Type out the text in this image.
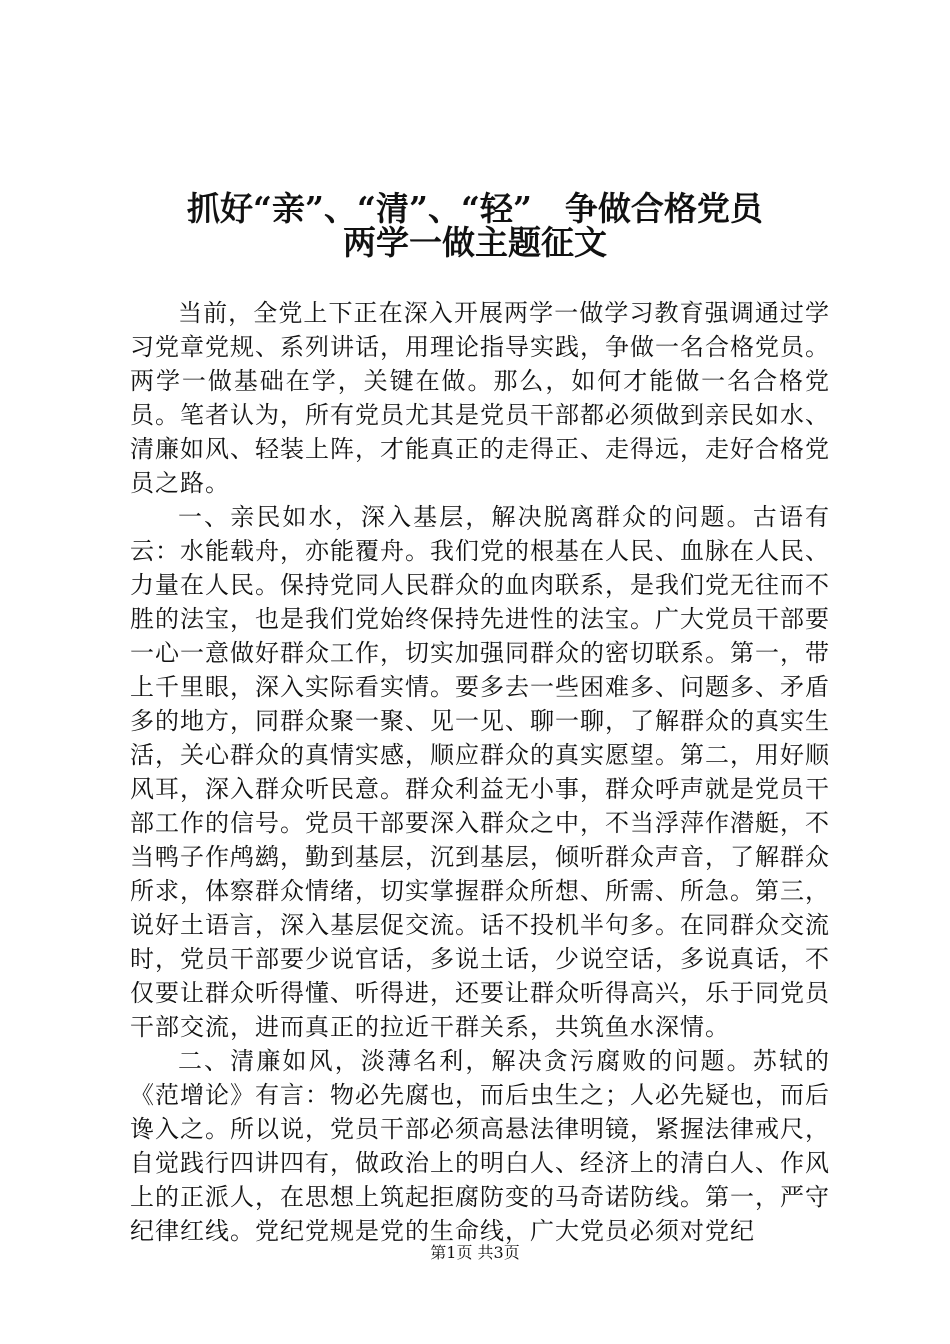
抓好“亲”、“清”、“轻”　争做合格党员
两学一做主题征文

当前，全党上下正在深入开展两学一做学习教育强调通过学习党章党规、系列讲话，用理论指导实践，争做一名合格党员。两学一做基础在学，关键在做。那么，如何才能做一名合格党员。笔者认为，所有党员尤其是党员干部都必须做到亲民如水、清廉如风、轻装上阵，才能真正的走得正、走得远，走好合格党员之路。

一、亲民如水，深入基层，解决脱离群众的问题。古语有云：水能载舟，亦能覆舟。我们党的根基在人民、血脉在人民、力量在人民。保持党同人民群众的血肉联系，是我们党无往而不胜的法宝，也是我们党始终保持先进性的法宝。广大党员干部要一心一意做好群众工作，切实加强同群众的密切联系。第一，带上千里眼，深入实际看实情。要多去一些困难多、问题多、矛盾多的地方，同群众聚一聚、见一见、聊一聊，了解群众的真实生活，关心群众的真情实感，顺应群众的真实愿望。第二，用好顺风耳，深入群众听民意。群众利益无小事，群众呼声就是党员干部工作的信号。党员干部要深入群众之中，不当浮萍作潜艇，不当鸭子作鸬鹚，勤到基层，沉到基层，倾听群众声音，了解群众所求，体察群众情绪，切实掌握群众所想、所需、所急。第三，说好土语言，深入基层促交流。话不投机半句多。在同群众交流时，党员干部要少说官话，多说土话，少说空话，多说真话，不仅要让群众听得懂、听得进，还要让群众听得高兴，乐于同党员干部交流，进而真正的拉近干群关系，共筑鱼水深情。

二、清廉如风，淡薄名利，解决贪污腐败的问题。苏轼的《范增论》有言：物必先腐也，而后虫生之；人必先疑也，而后谗入之。所以说，党员干部必须高悬法律明镜，紧握法律戒尺，自觉践行四讲四有，做政治上的明白人、经济上的清白人、作风上的正派人，在思想上筑起拒腐防变的马奇诺防线。第一，严守纪律红线。党纪党规是党的生命线，广大党员必须对党纪

第1页 共3页
